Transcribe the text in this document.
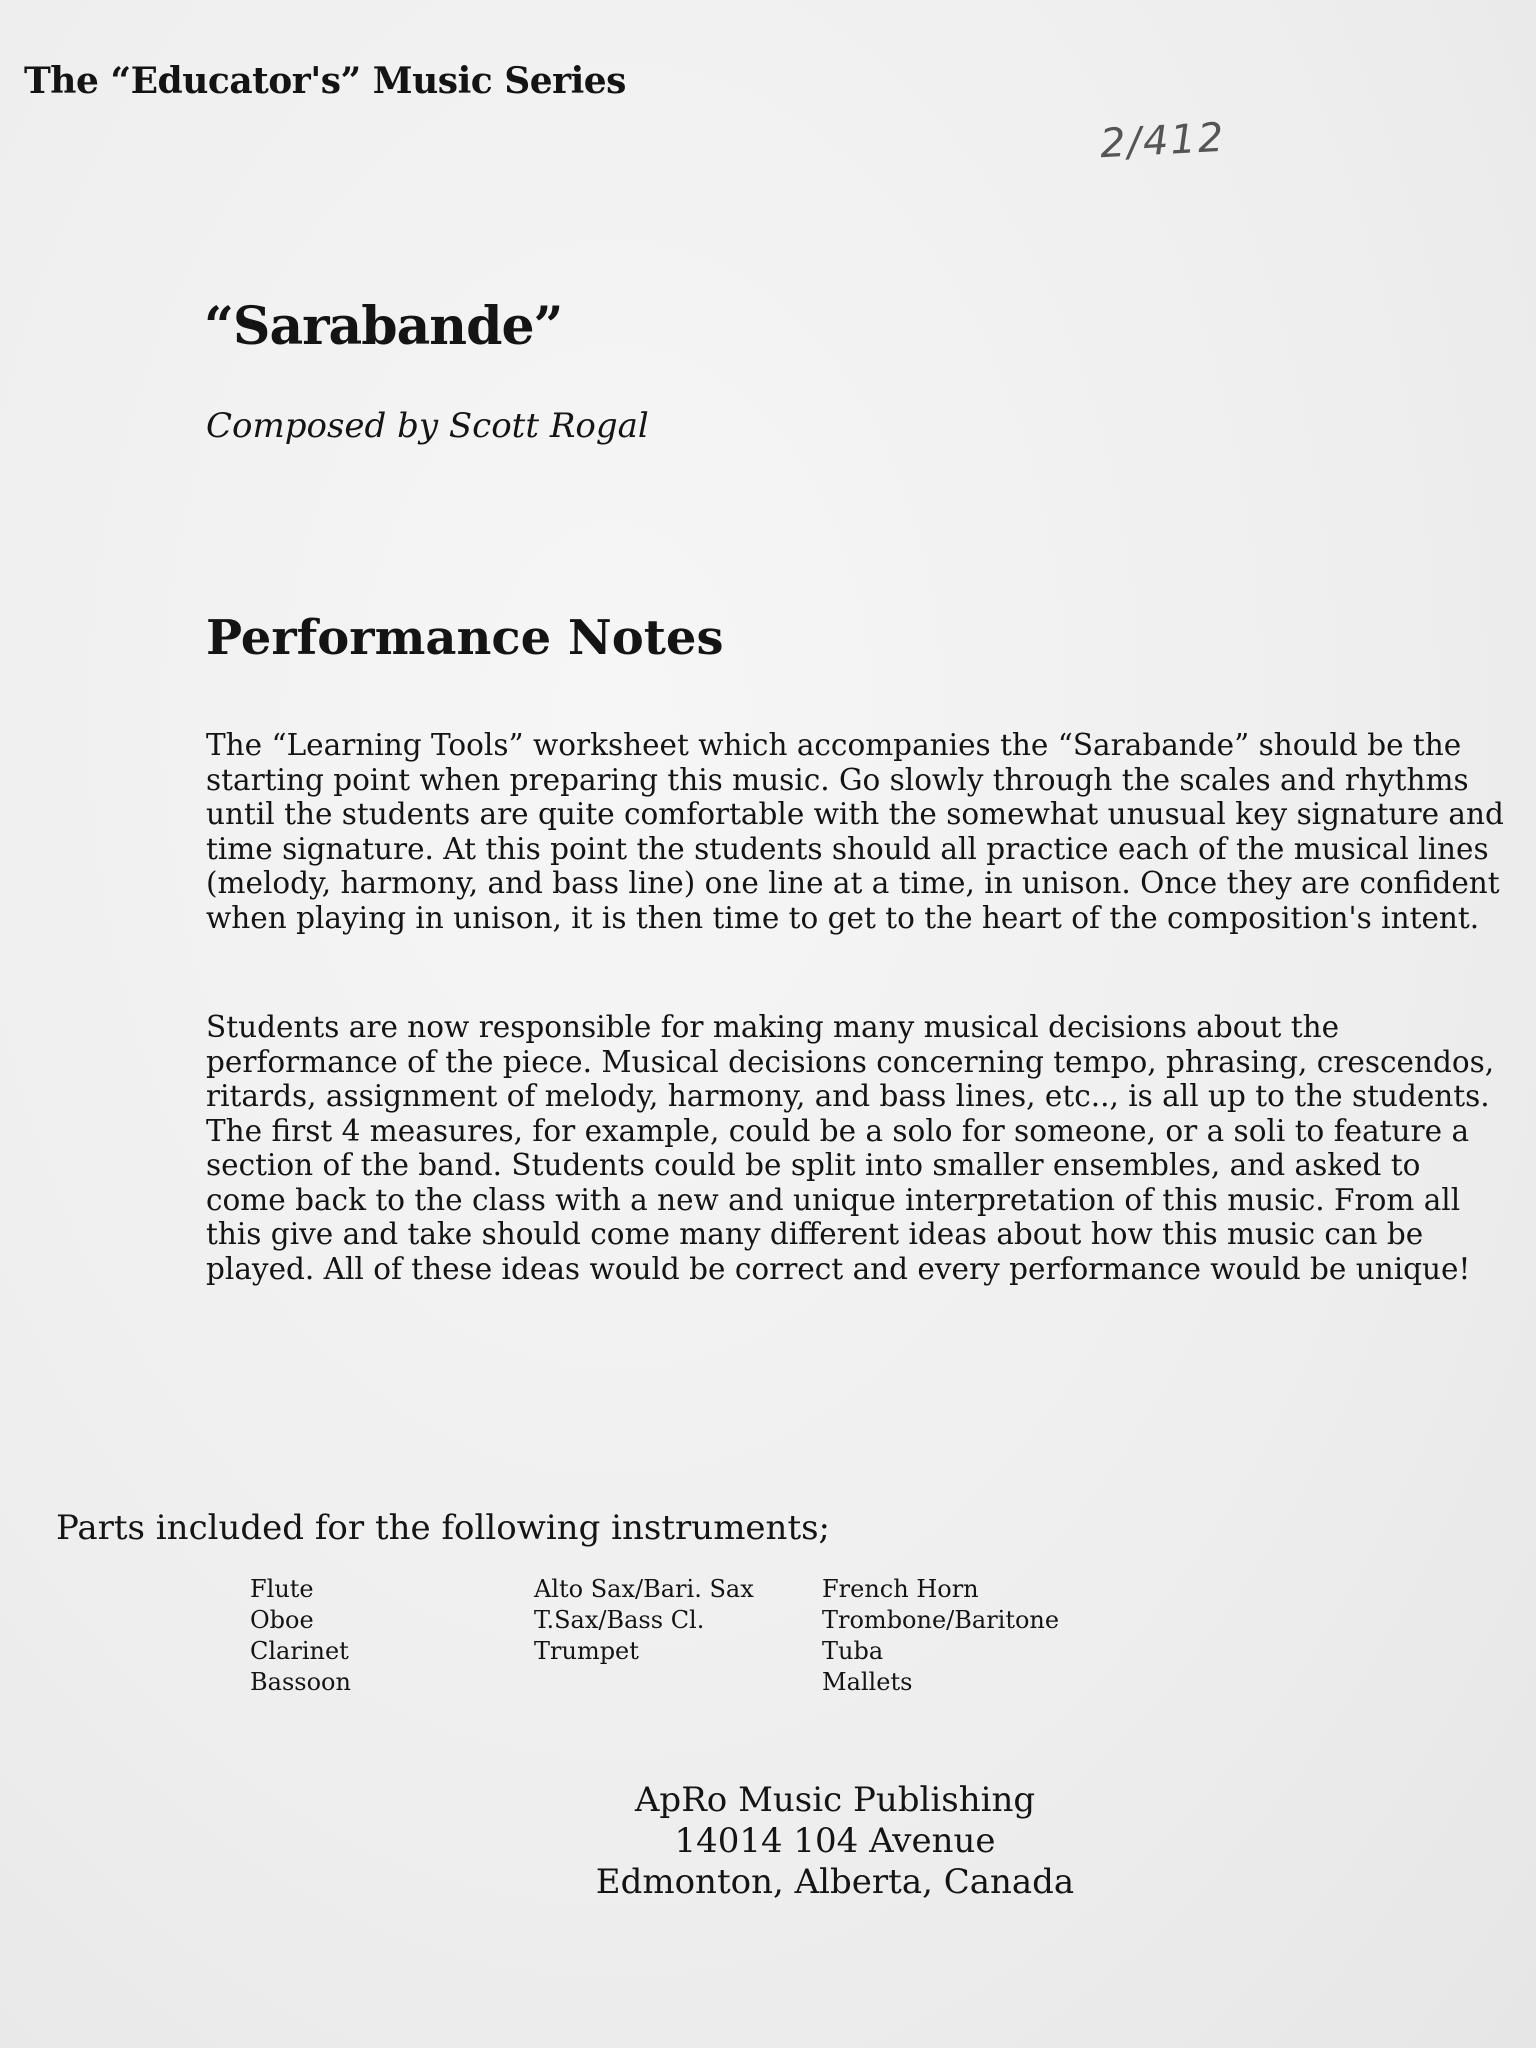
The “Educator's” Music Series
2/412
“Sarabande”
Composed by Scott Rogal
Performance Notes

The “Learning Tools” worksheet which accompanies the “Sarabande” should be the starting point when preparing this music. Go slowly through the scales and rhythms until the students are quite comfortable with the somewhat unusual key signature and time signature. At this point the students should all practice each of the musical lines (melody, harmony, and bass line) one line at a time, in unison. Once they are confident when playing in unison, it is then time to get to the heart of the composition's intent.

Students are now responsible for making many musical decisions about the performance of the piece. Musical decisions concerning tempo, phrasing, crescendos, ritards, assignment of melody, harmony, and bass lines, etc.., is all up to the students. The first 4 measures, for example, could be a solo for someone, or a soli to feature a section of the band. Students could be split into smaller ensembles, and asked to come back to the class with a new and unique interpretation of this music. From all this give and take should come many different ideas about how this music can be played. All of these ideas would be correct and every performance would be unique!

Parts included for the following instruments;
Flute
Oboe
Clarinet
Bassoon
Alto Sax/Bari. Sax
T.Sax/Bass Cl.
Trumpet
French Horn
Trombone/Baritone
Tuba
Mallets
ApRo Music Publishing
14014 104 Avenue
Edmonton, Alberta, Canada
